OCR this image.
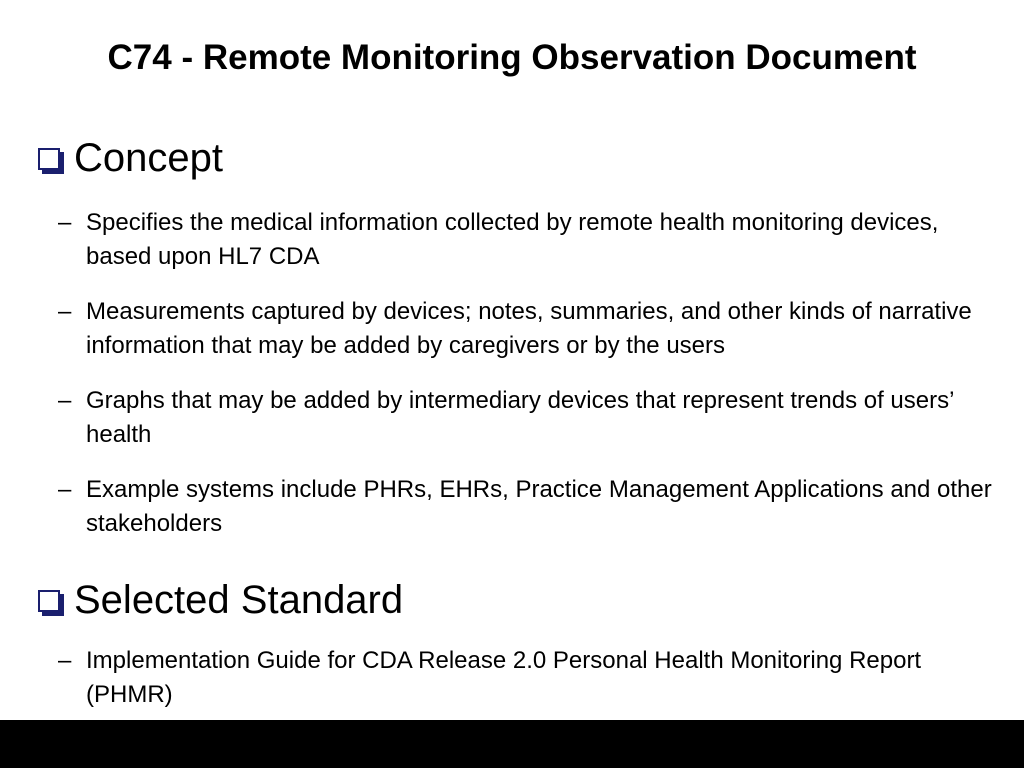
C74 - Remote Monitoring Observation Document
Concept
– Specifies the medical information collected by remote health monitoring devices, based upon HL7 CDA
– Measurements captured by devices; notes, summaries, and other kinds of narrative information that may be added by caregivers or by the users
– Graphs that may be added by intermediary devices that represent trends of users’ health
– Example systems include PHRs, EHRs, Practice Management Applications and other stakeholders
Selected Standard
– Implementation Guide for CDA Release 2.0 Personal Health Monitoring Report (PHMR)
